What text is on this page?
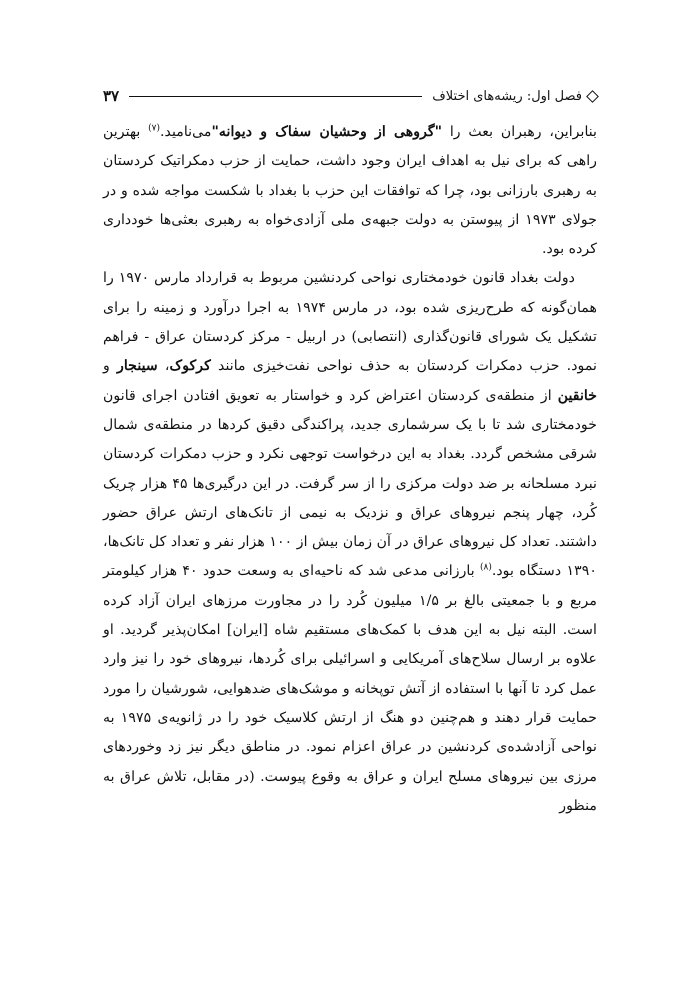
فصل اول: ریشه‌های اختلاف
۳۷

بنابراین، رهبران بعث را "گروهی از وحشیان سفاک و دیوانه"می‌نامید.$^{(۷)}$ بهترین راهی که برای نیل به اهداف ایران وجود داشت، حمایت از حزب دمکراتیک کردستان به رهبری بارزانی بود، چرا که توافقات این حزب با بغداد با شکست مواجه شده و در جولای ۱۹۷۳ از پیوستن به دولت جبهه‌ی ملی آزادی‌خواه به رهبری بعثی‌ها خودداری کرده بود.

دولت بغداد قانون خودمختاری نواحی کردنشین مربوط به قرارداد مارس ۱۹۷۰ را همان‌گونه که طرح‌ریزی شده بود، در مارس ۱۹۷۴ به اجرا درآورد و زمینه را برای تشکیل یک شورای قانون‌گذاری (انتصابی) در اربیل - مرکز کردستان عراق - فراهم نمود. حزب دمکرات کردستان به حذف نواحی نفت‌خیزی مانند کرکوک، سینجار و خانقین از منطقه‌ی کردستان اعتراض کرد و خواستار به تعویق افتادن اجرای قانون خودمختاری شد تا با یک سرشماری جدید، پراکندگی دقیق کردها در منطقه‌ی شمال شرقی مشخص گردد. بغداد به این درخواست توجهی نکرد و حزب دمکرات کردستان نبرد مسلحانه بر ضد دولت مرکزی را از سر گرفت. در این درگیری‌ها ۴۵ هزار چریک کُرد، چهار پنجم نیروهای عراق و نزدیک به نیمی از تانک‌های ارتش عراق حضور داشتند. تعداد کل نیروهای عراق در آن زمان بیش از ۱۰۰ هزار نفر و تعداد کل تانک‌ها، ۱۳۹۰ دستگاه بود.$^{(۸)}$ بارزانی مدعی شد که ناحیه‌ای به وسعت حدود ۴۰ هزار کیلومتر مربع و با جمعیتی بالغ بر ۱/۵ میلیون کُرد را در مجاورت مرزهای ایران آزاد کرده است. البته نیل به این هدف با کمک‌های مستقیم شاه [ایران] امکان‌پذیر گردید. او علاوه بر ارسال سلاح‌های آمریکایی و اسرائیلی برای کُردها، نیروهای خود را نیز وارد عمل کرد تا آنها با استفاده از آتش توپخانه و موشک‌های ضدهوایی، شورشیان را مورد حمایت قرار دهند و هم‌چنین دو هنگ از ارتش کلاسیک خود را در ژانویه‌ی ۱۹۷۵ به نواحی آزادشده‌ی کردنشین در عراق اعزام نمود. در مناطق دیگر نیز زد وخوردهای مرزی بین نیروهای مسلح ایران و عراق به وقوع پیوست. (در مقابل، تلاش عراق به منظور
